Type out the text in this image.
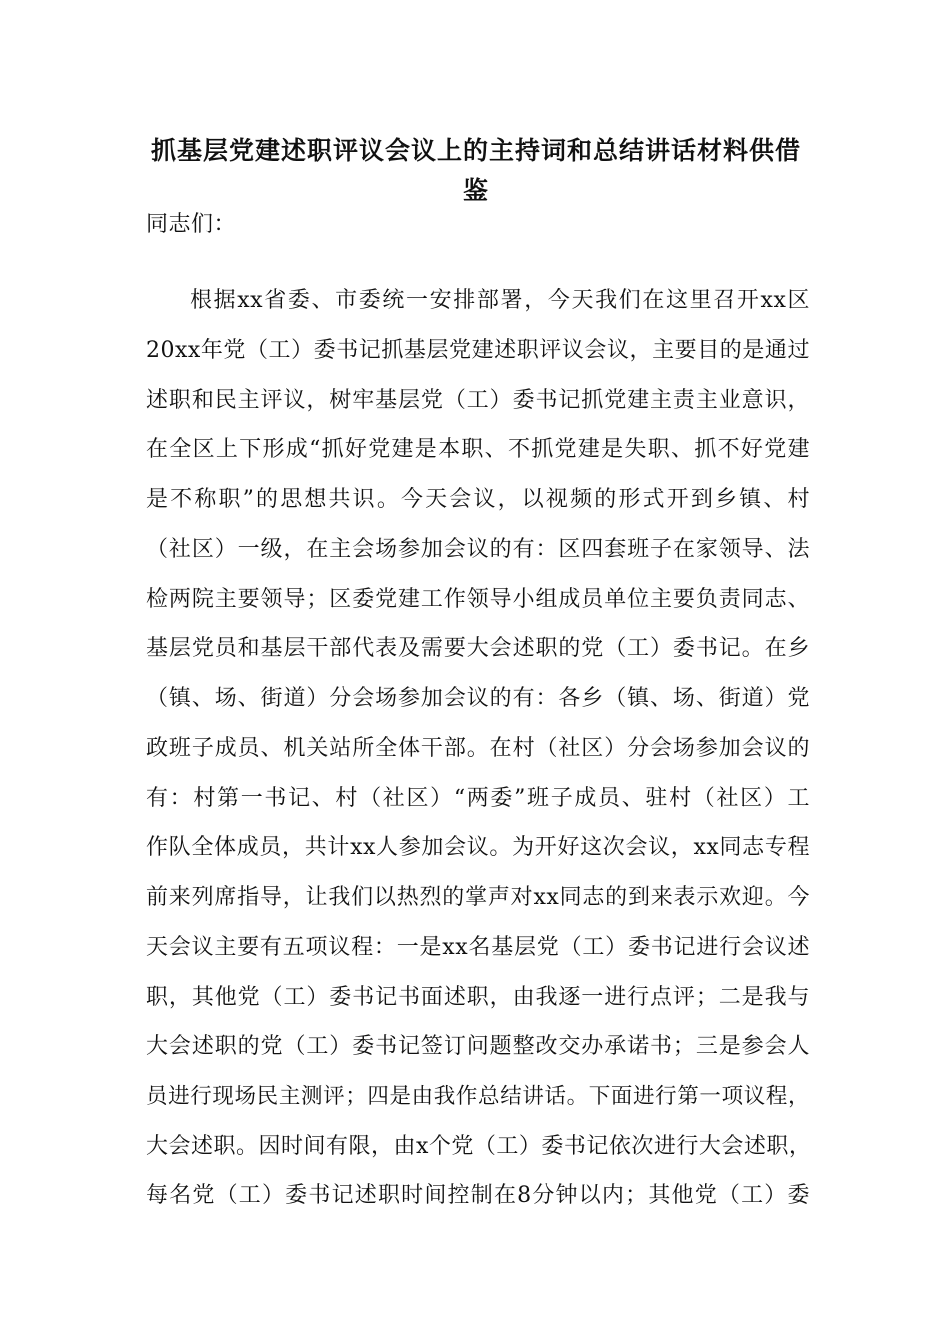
抓基层党建述职评议会议上的主持词和总结讲话材料供借鉴
同志们：
根据xx省委、市委统一安排部署，今天我们在这里召开xx区
20xx年党（工）委书记抓基层党建述职评议会议，主要目的是通过
述职和民主评议，树牢基层党（工）委书记抓党建主责主业意识，
在全区上下形成“抓好党建是本职、不抓党建是失职、抓不好党建
是不称职”的思想共识。今天会议，以视频的形式开到乡镇、村
（社区）一级，在主会场参加会议的有：区四套班子在家领导、法
检两院主要领导；区委党建工作领导小组成员单位主要负责同志、
基层党员和基层干部代表及需要大会述职的党（工）委书记。在乡
（镇、场、街道）分会场参加会议的有：各乡（镇、场、街道）党
政班子成员、机关站所全体干部。在村（社区）分会场参加会议的
有：村第一书记、村（社区）“两委”班子成员、驻村（社区）工
作队全体成员，共计xx人参加会议。为开好这次会议，xx同志专程
前来列席指导，让我们以热烈的掌声对xx同志的到来表示欢迎。今
天会议主要有五项议程：一是xx名基层党（工）委书记进行会议述
职，其他党（工）委书记书面述职，由我逐一进行点评；二是我与
大会述职的党（工）委书记签订问题整改交办承诺书；三是参会人
员进行现场民主测评；四是由我作总结讲话。下面进行第一项议程，
大会述职。因时间有限，由x个党（工）委书记依次进行大会述职，
每名党（工）委书记述职时间控制在8分钟以内；其他党（工）委
